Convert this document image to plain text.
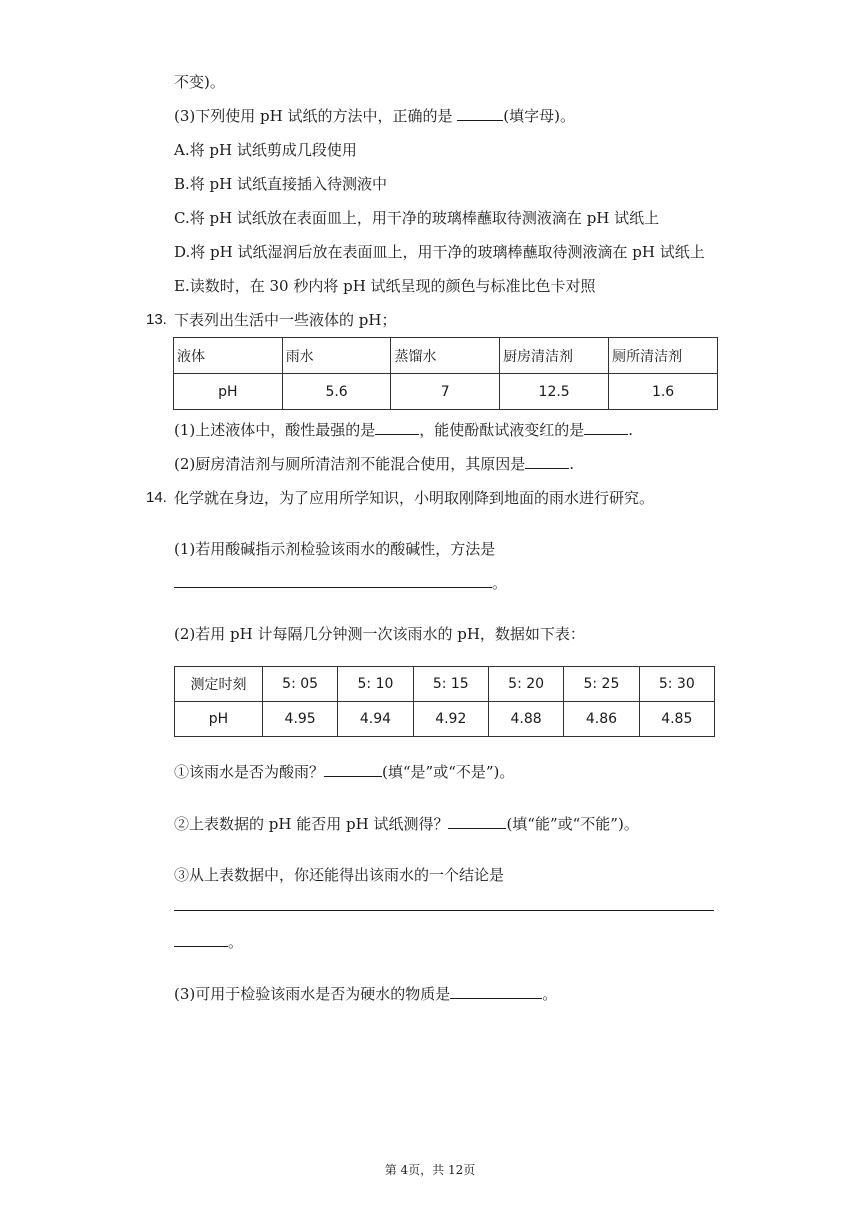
不变)。
(3)下列使用 pH 试纸的方法中，正确的是	(填字母)。
A.将 pH 试纸剪成几段使用
B.将 pH 试纸直接插入待测液中
C.将 pH 试纸放在表面皿上，用干净的玻璃棒蘸取待测液滴在 pH 试纸上
D.将 pH 试纸湿润后放在表面皿上，用干净的玻璃棒蘸取待测液滴在 pH 试纸上
E.读数时，在 30 秒内将 pH 试纸呈现的颜色与标准比色卡对照
13. 下表列出生活中一些液体的 pH；
液体	雨水	蒸馏水	厨房清洁剂	厕所清洁剂
pH	5.6	7	12.5	1.6
(1)上述液体中，酸性最强的是	，能使酚酞试液变红的是	.
(2)厨房清洁剂与厕所清洁剂不能混合使用，其原因是	.
14. 化学就在身边，为了应用所学知识，小明取刚降到地面的雨水进行研究。
(1)若用酸碱指示剂检验该雨水的酸碱性，方法是
。
(2)若用 pH 计每隔几分钟测一次该雨水的 pH，数据如下表：
测定时刻	5: 05	5: 10	5: 15	5: 20	5: 25	5: 30
pH	4.95	4.94	4.92	4.88	4.86	4.85
①该雨水是否为酸雨？	(填“是”或“不是”)。
②上表数据的 pH 能否用 pH 试纸测得？	(填“能”或“不能”)。
③从上表数据中，你还能得出该雨水的一个结论是
。
(3)可用于检验该雨水是否为硬水的物质是	。
第 4页，共 12页
